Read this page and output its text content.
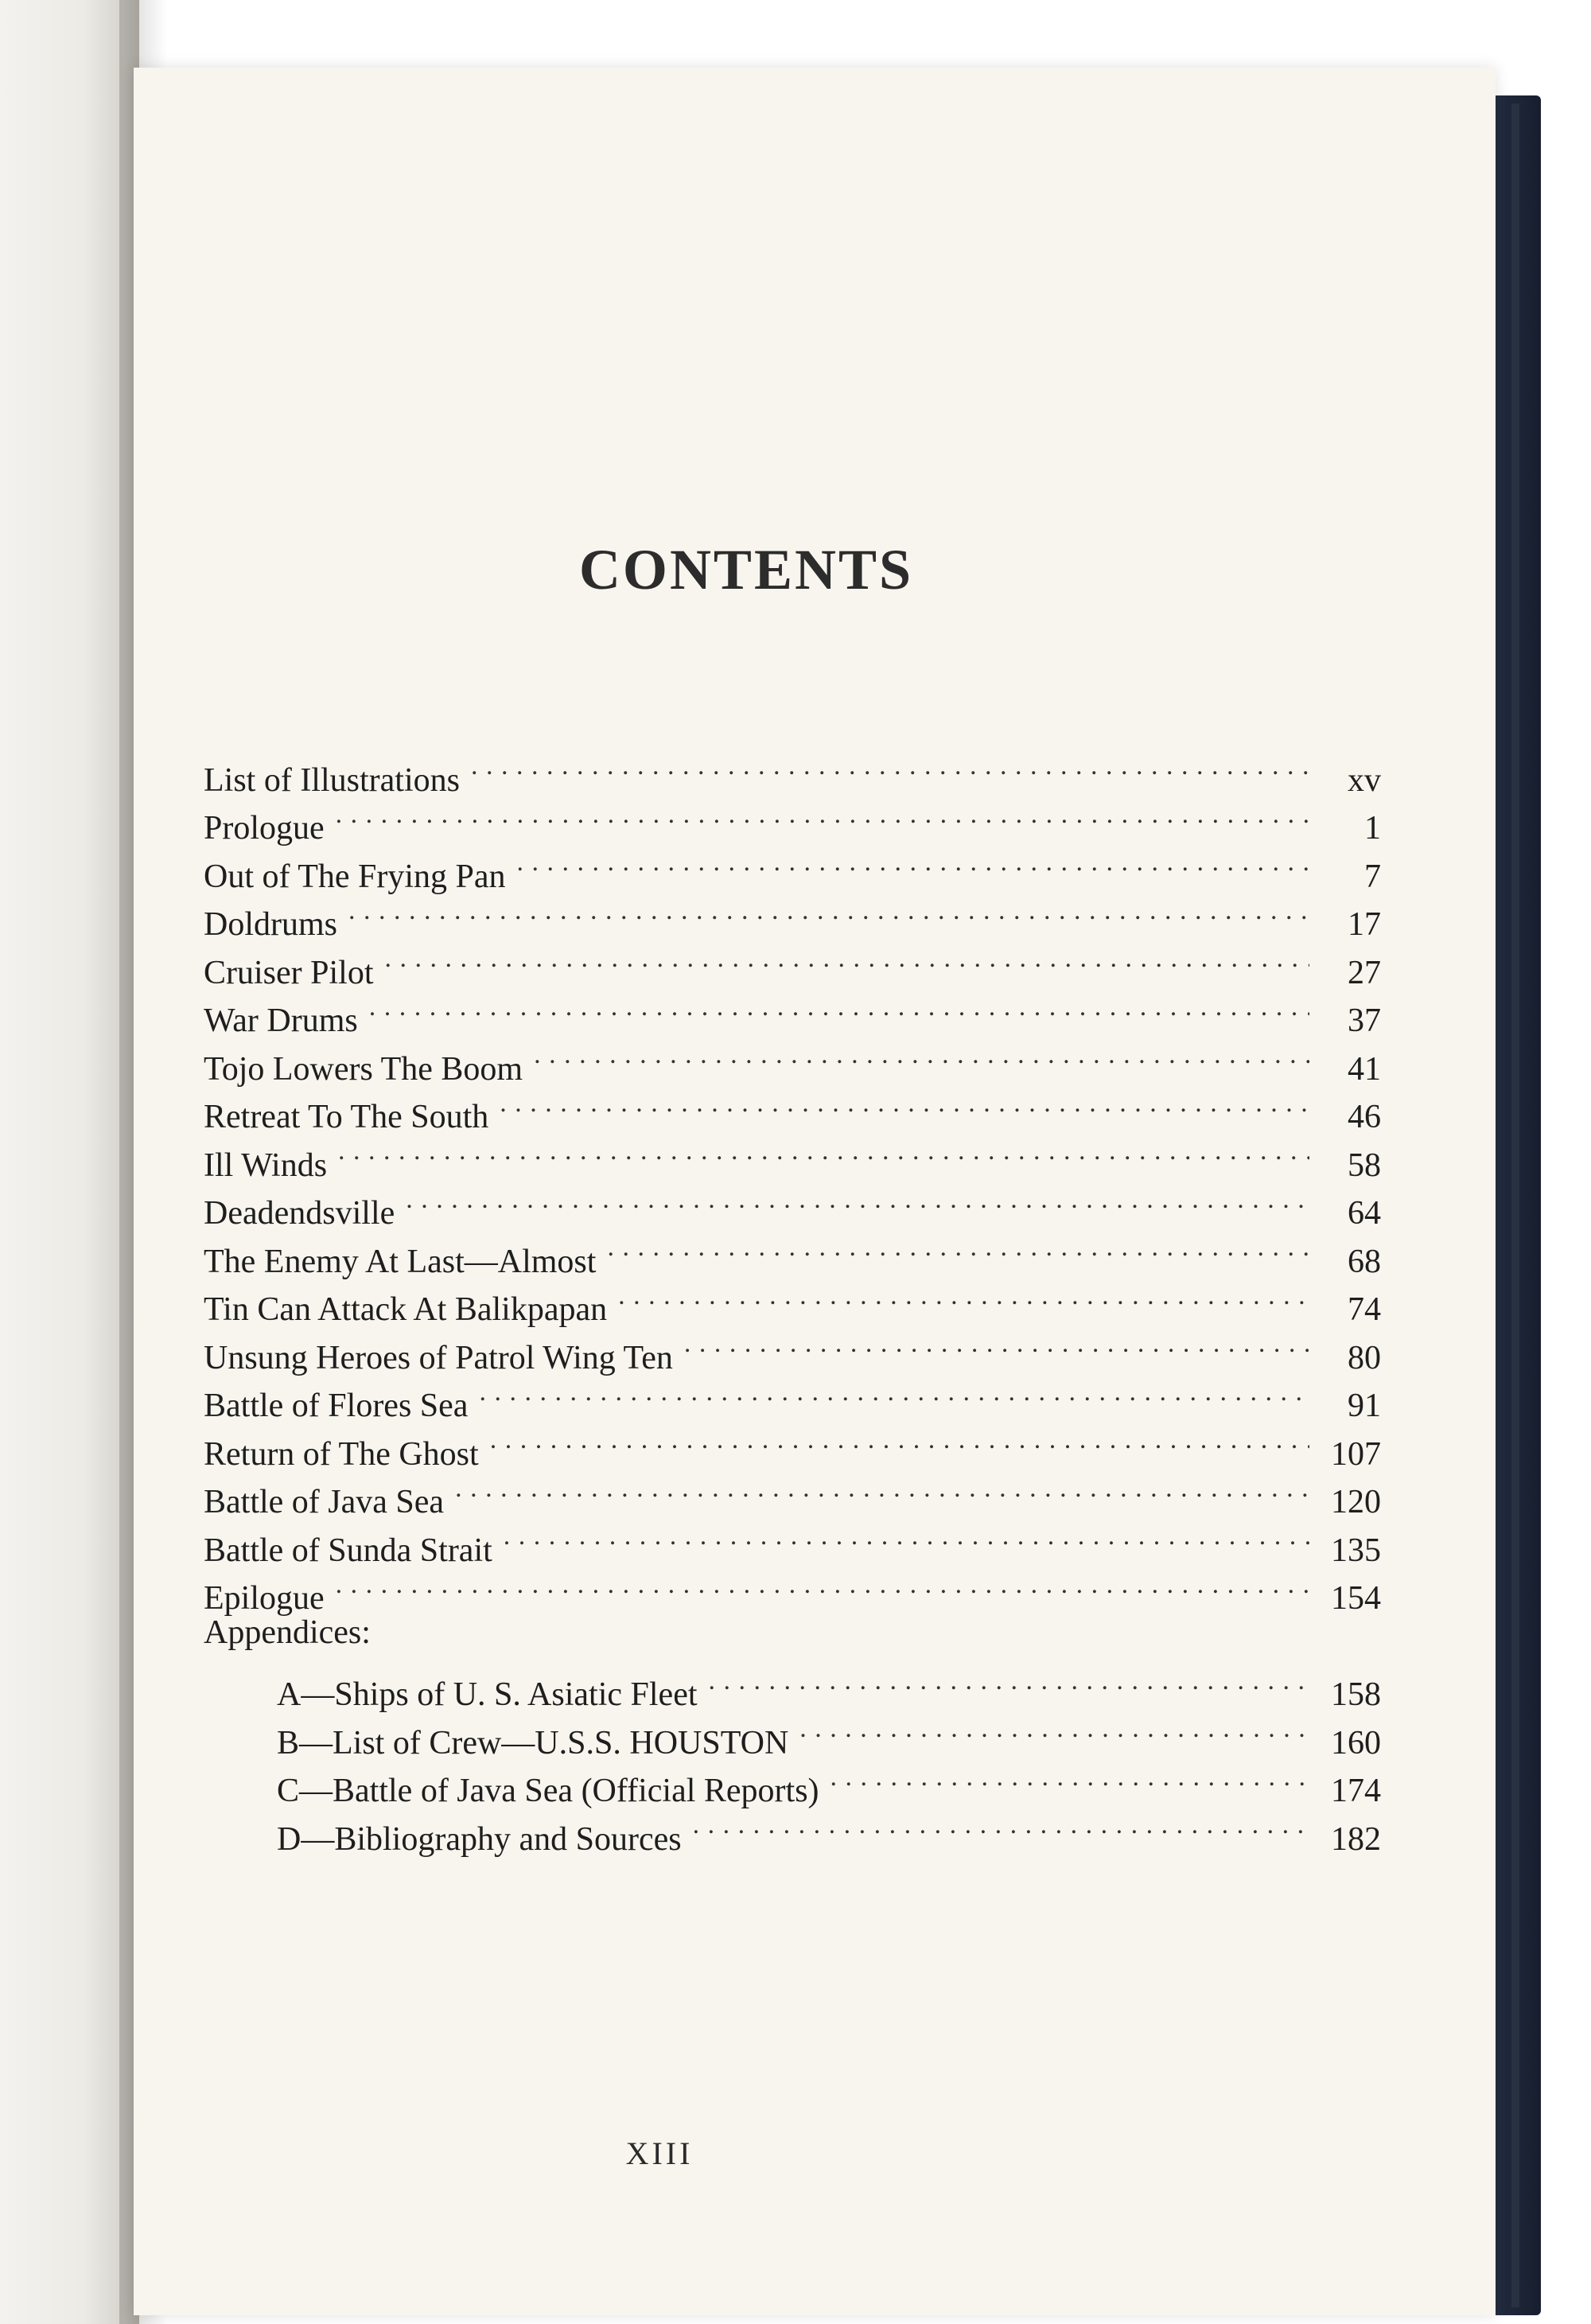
CONTENTS
List of Illustrations . . .	xv
Prologue . . .	1
Out of The Frying Pan . . .	7
Doldrums . . .	17
Cruiser Pilot . . .	27
War Drums . . .	37
Tojo Lowers The Boom . . .	41
Retreat To The South . . .	46
Ill Winds . . .	58
Deadendsville . . .	64
The Enemy At Last—Almost . . .	68
Tin Can Attack At Balikpapan . . .	74
Unsung Heroes of Patrol Wing Ten . . .	80
Battle of Flores Sea . . .	91
Return of The Ghost . . .	107
Battle of Java Sea . . .	120
Battle of Sunda Strait . . .	135
Epilogue . . .	154
Appendices:
A—Ships of U. S. Asiatic Fleet . . .	158
B—List of Crew—U.S.S. HOUSTON . . .	160
C—Battle of Java Sea (Official Reports) . . .	174
D—Bibliography and Sources . . .	182
XIII
